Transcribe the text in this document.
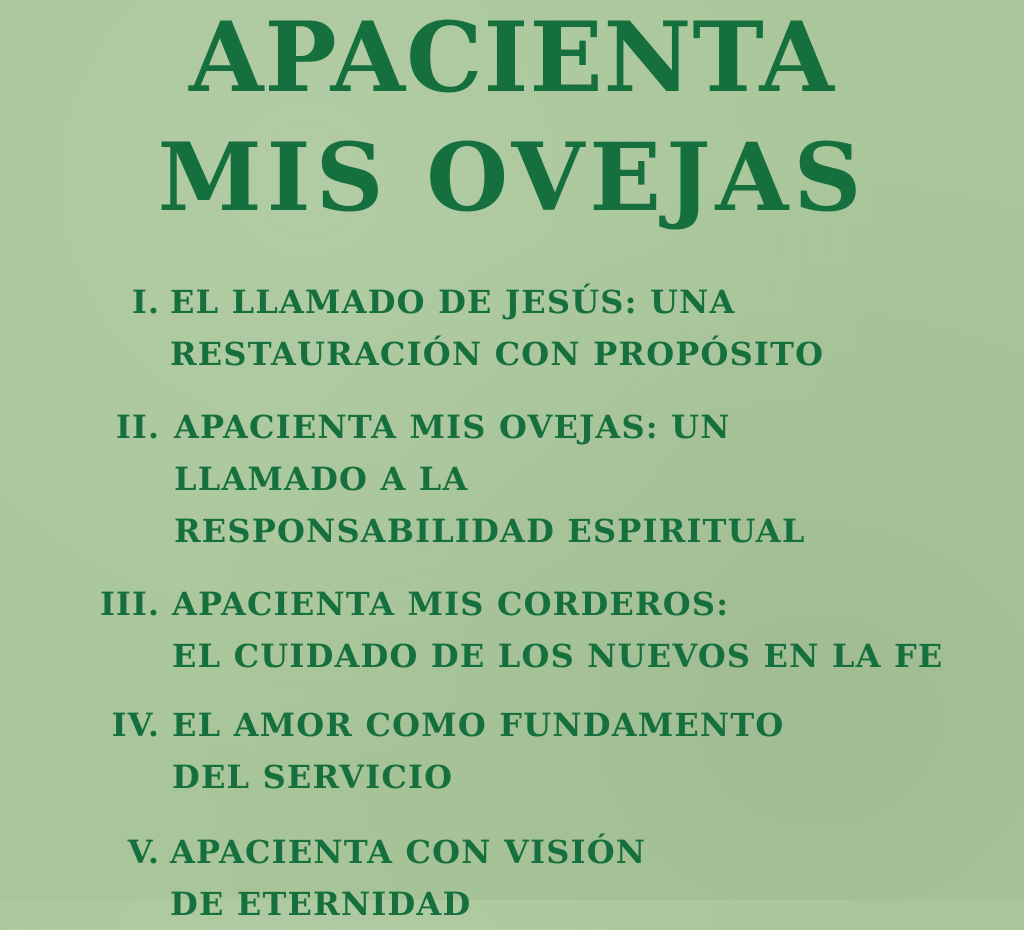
APACIENTA
MIS OVEJAS
I. EL LLAMADO DE JESÚS: UNA
RESTAURACIÓN CON PROPÓSITO
II. APACIENTA MIS OVEJAS: UN
LLAMADO A LA
RESPONSABILIDAD ESPIRITUAL
III. APACIENTA MIS CORDEROS:
EL CUIDADO DE LOS NUEVOS EN LA FE
IV. EL AMOR COMO FUNDAMENTO
DEL SERVICIO
V. APACIENTA CON VISIÓN
DE ETERNIDAD
